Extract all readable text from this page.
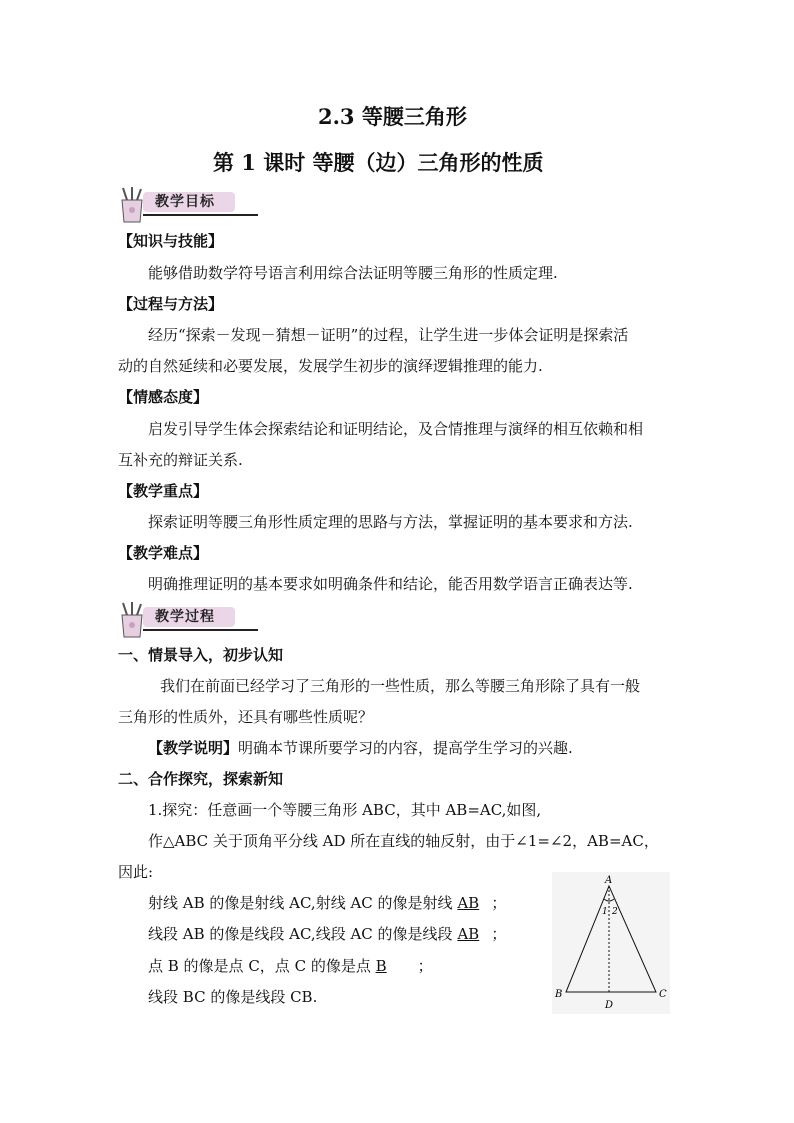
2.3 等腰三角形
第 1 课时 等腰（边）三角形的性质
教学目标
【知识与技能】
能够借助数学符号语言利用综合法证明等腰三角形的性质定理.
【过程与方法】
经历“探索－发现－猜想－证明”的过程，让学生进一步体会证明是探索活
动的自然延续和必要发展，发展学生初步的演绎逻辑推理的能力.
【情感态度】
启发引导学生体会探索结论和证明结论，及合情推理与演绎的相互依赖和相
互补充的辩证关系.
【教学重点】
探索证明等腰三角形性质定理的思路与方法，掌握证明的基本要求和方法.
【教学难点】
明确推理证明的基本要求如明确条件和结论，能否用数学语言正确表达等.
教学过程
一、情景导入，初步认知
我们在前面已经学习了三角形的一些性质，那么等腰三角形除了具有一般
三角形的性质外，还具有哪些性质呢？
【教学说明】明确本节课所要学习的内容，提高学生学习的兴趣.
二、合作探究，探索新知
1.探究：任意画一个等腰三角形 ABC，其中 AB=AC,如图,
作△ABC 关于顶角平分线 AD 所在直线的轴反射，由于∠1=∠2，AB=AC，
因此:
射线 AB 的像是射线 AC,射线 AC 的像是射线 AB ；
线段 AB 的像是线段 AC,线段 AC 的像是线段 AB ；
点 B 的像是点 C，点 C 的像是点 B ；
线段 BC 的像是线段 CB.
A
B	C
D
1 2
